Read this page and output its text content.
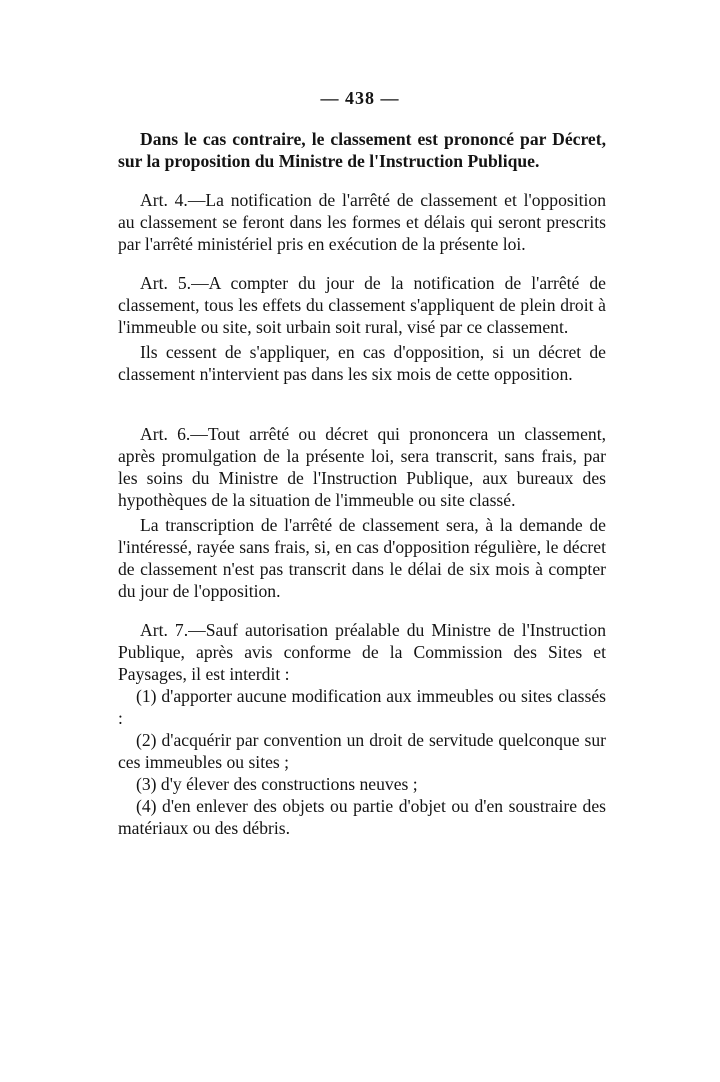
— 438 —

Dans le cas contraire, le classement est prononcé par Décret, sur la proposition du Ministre de l'Instruction Publique.

Art. 4.—La notification de l'arrêté de classement et l'opposition au classement se feront dans les formes et délais qui seront prescrits par l'arrêté ministériel pris en exécution de la présente loi.

Art. 5.—A compter du jour de la notification de l'arrêté de classement, tous les effets du classement s'appliquent de plein droit à l'immeuble ou site, soit urbain soit rural, visé par ce classement.

Ils cessent de s'appliquer, en cas d'opposition, si un décret de classement n'intervient pas dans les six mois de cette opposition.

Art. 6.—Tout arrêté ou décret qui prononcera un classement, après promulgation de la présente loi, sera transcrit, sans frais, par les soins du Ministre de l'Instruction Publique, aux bureaux des hypothèques de la situation de l'immeuble ou site classé.

La transcription de l'arrêté de classement sera, à la demande de l'intéressé, rayée sans frais, si, en cas d'opposition régulière, le décret de classement n'est pas transcrit dans le délai de six mois à compter du jour de l'opposition.

Art. 7.—Sauf autorisation préalable du Ministre de l'Instruction Publique, après avis conforme de la Commission des Sites et Paysages, il est interdit :

(1) d'apporter aucune modification aux immeubles ou sites classés :

(2) d'acquérir par convention un droit de servitude quelconque sur ces immeubles ou sites ;

(3) d'y élever des constructions neuves ;

(4) d'en enlever des objets ou partie d'objet ou d'en soustraire des matériaux ou des débris.
